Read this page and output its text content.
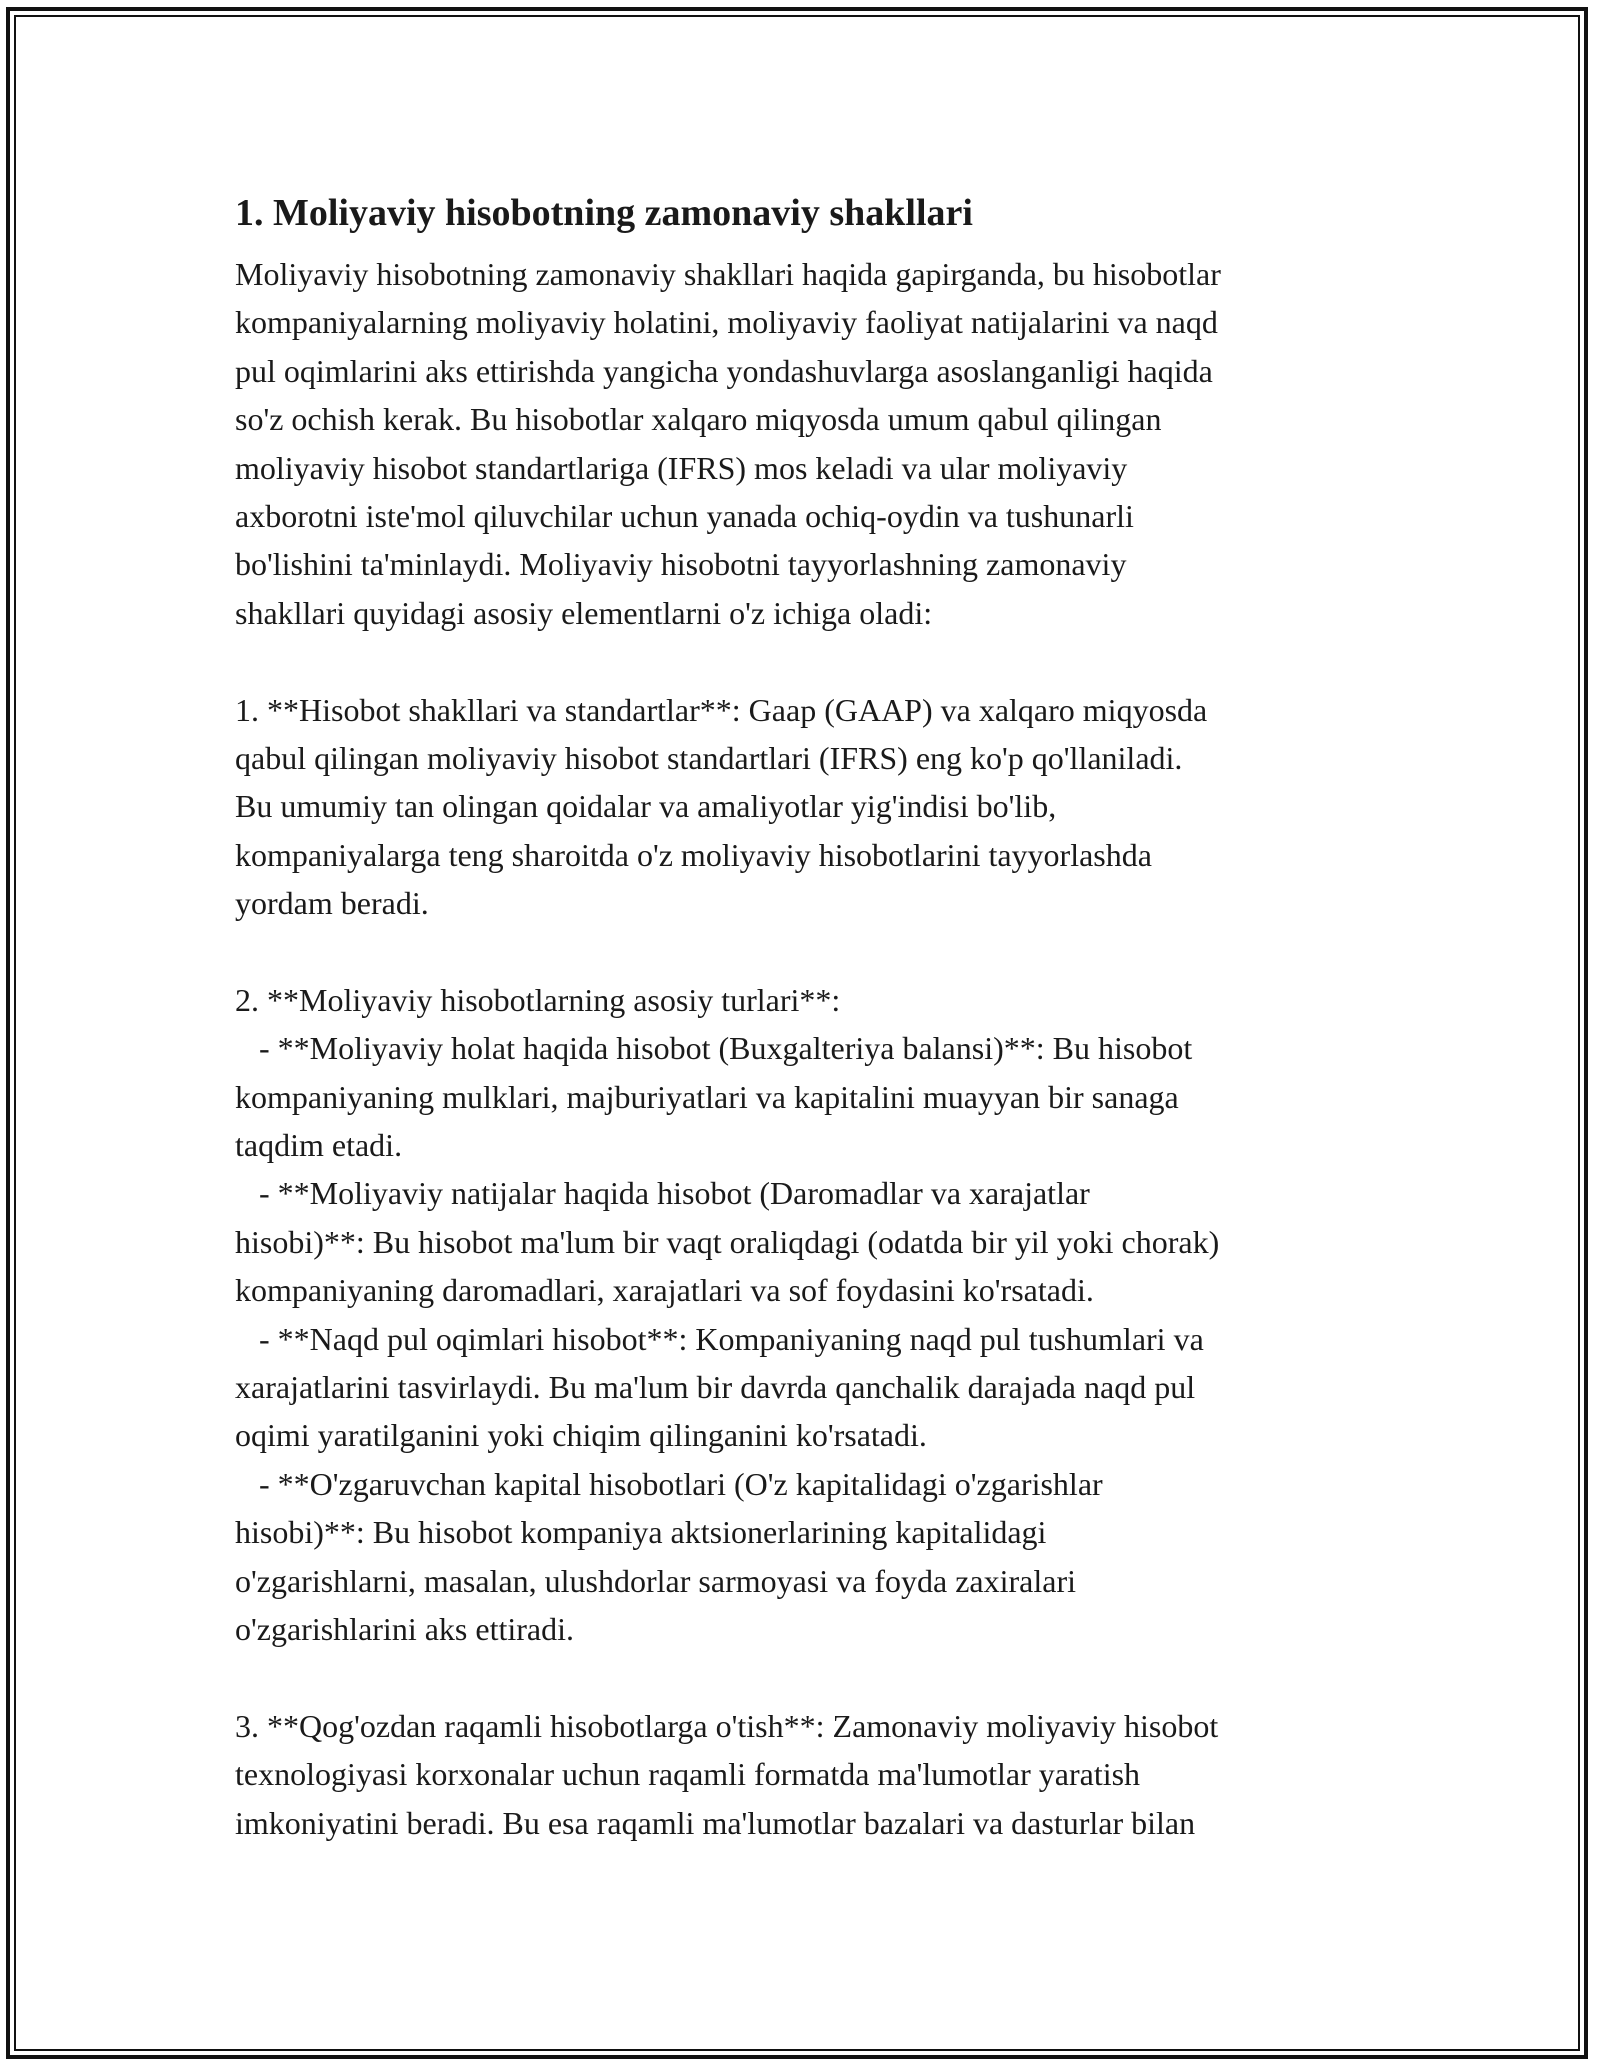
1. Moliyaviy hisobotning zamonaviy shakllari
Moliyaviy hisobotning zamonaviy shakllari haqida gapirganda, bu hisobotlar
kompaniyalarning moliyaviy holatini, moliyaviy faoliyat natijalarini va naqd
pul oqimlarini aks ettirishda yangicha yondashuvlarga asoslanganligi haqida
so'z ochish kerak. Bu hisobotlar xalqaro miqyosda umum qabul qilingan
moliyaviy hisobot standartlariga (IFRS) mos keladi va ular moliyaviy
axborotni iste'mol qiluvchilar uchun yanada ochiq-oydin va tushunarli
bo'lishini ta'minlaydi. Moliyaviy hisobotni tayyorlashning zamonaviy
shakllari quyidagi asosiy elementlarni o'z ichiga oladi:
1. **Hisobot shakllari va standartlar**: Gaap (GAAP) va xalqaro miqyosda
qabul qilingan moliyaviy hisobot standartlari (IFRS) eng ko'p qo'llaniladi.
Bu umumiy tan olingan qoidalar va amaliyotlar yig'indisi bo'lib,
kompaniyalarga teng sharoitda o'z moliyaviy hisobotlarini tayyorlashda
yordam beradi.
2. **Moliyaviy hisobotlarning asosiy turlari**:
- **Moliyaviy holat haqida hisobot (Buxgalteriya balansi)**: Bu hisobot
kompaniyaning mulklari, majburiyatlari va kapitalini muayyan bir sanaga
taqdim etadi.
- **Moliyaviy natijalar haqida hisobot (Daromadlar va xarajatlar
hisobi)**: Bu hisobot ma'lum bir vaqt oraliqdagi (odatda bir yil yoki chorak)
kompaniyaning daromadlari, xarajatlari va sof foydasini ko'rsatadi.
- **Naqd pul oqimlari hisobot**: Kompaniyaning naqd pul tushumlari va
xarajatlarini tasvirlaydi. Bu ma'lum bir davrda qanchalik darajada naqd pul
oqimi yaratilganini yoki chiqim qilinganini ko'rsatadi.
- **O'zgaruvchan kapital hisobotlari (O'z kapitalidagi o'zgarishlar
hisobi)**: Bu hisobot kompaniya aktsionerlarining kapitalidagi
o'zgarishlarni, masalan, ulushdorlar sarmoyasi va foyda zaxiralari
o'zgarishlarini aks ettiradi.
3. **Qog'ozdan raqamli hisobotlarga o'tish**: Zamonaviy moliyaviy hisobot
texnologiyasi korxonalar uchun raqamli formatda ma'lumotlar yaratish
imkoniyatini beradi. Bu esa raqamli ma'lumotlar bazalari va dasturlar bilan
